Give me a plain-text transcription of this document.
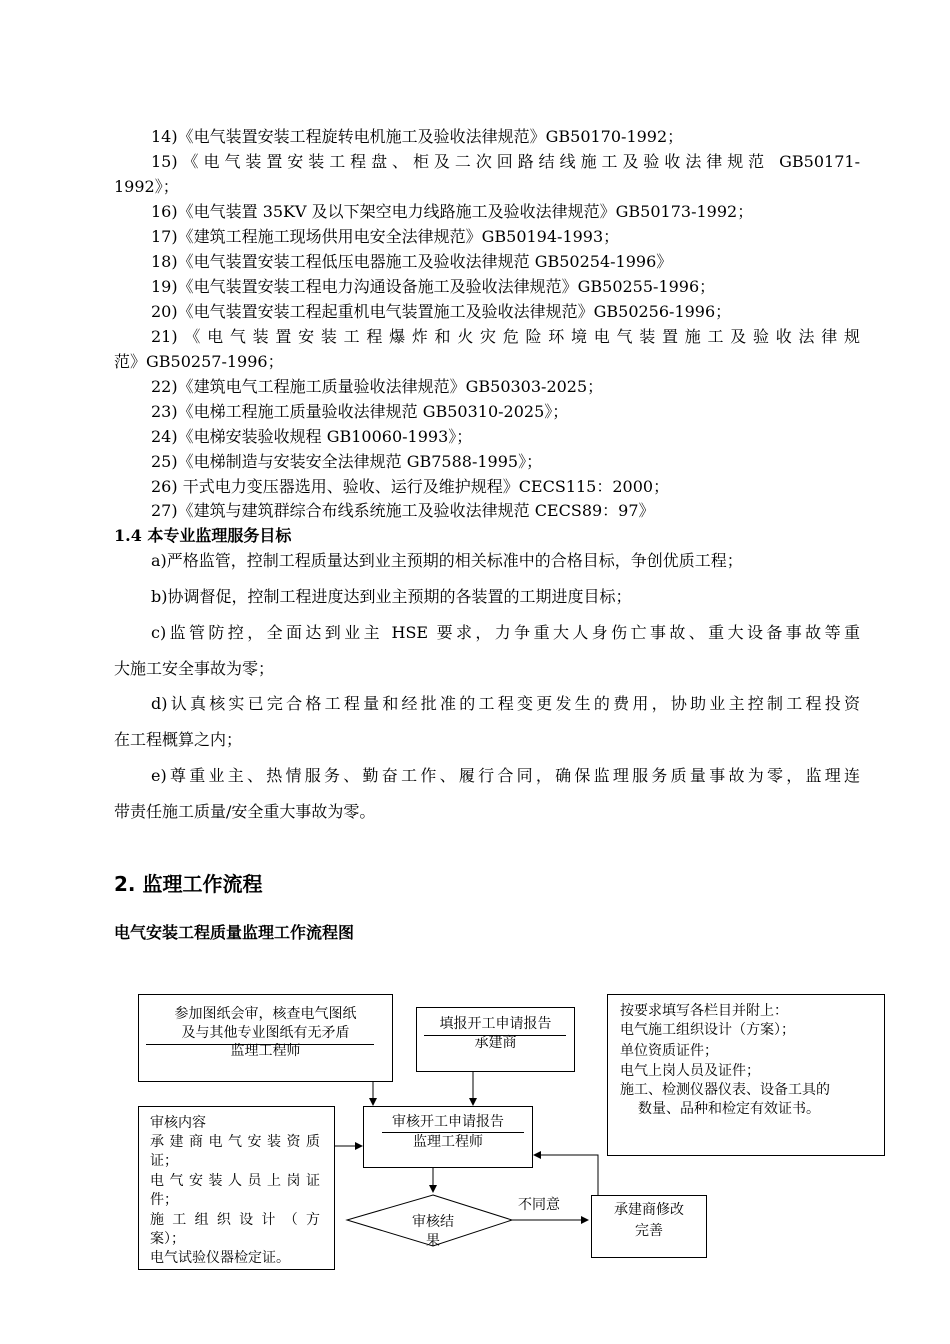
14)《电气装置安装工程旋转电机施工及验收法律规范》GB50170-1992；
15)《电气装置安装工程盘、柜及二次回路结线施工及验收法律规范 GB50171-
1992》；
16)《电气装置 35KV 及以下架空电力线路施工及验收法律规范》GB50173-1992；
17)《建筑工程施工现场供用电安全法律规范》GB50194-1993；
18)《电气装置安装工程低压电器施工及验收法律规范 GB50254-1996》
19)《电气装置安装工程电力沟通设备施工及验收法律规范》GB50255-1996；
20)《电气装置安装工程起重机电气装置施工及验收法律规范》GB50256-1996；
21)《电气装置安装工程爆炸和火灾危险环境电气装置施工及验收法律规
范》GB50257-1996；
22)《建筑电气工程施工质量验收法律规范》GB50303-2025；
23)《电梯工程施工质量验收法律规范 GB50310-2025》；
24)《电梯安装验收规程 GB10060-1993》；
25)《电梯制造与安装安全法律规范 GB7588-1995》；
26) 干式电力变压器选用、验收、运行及维护规程》CECS115：2000；
27)《建筑与建筑群综合布线系统施工及验收法律规范 CECS89：97》
1.4 本专业监理服务目标
a)严格监管，控制工程质量达到业主预期的相关标准中的合格目标，争创优质工程；
b)协调督促，控制工程进度达到业主预期的各装置的工期进度目标；
c)监管防控，全面达到业主 HSE 要求，力争重大人身伤亡事故、重大设备事故等重
大施工安全事故为零；
d)认真核实已完合格工程量和经批准的工程变更发生的费用，协助业主控制工程投资
在工程概算之内；
e)尊重业主、热情服务、勤奋工作、履行合同，确保监理服务质量事故为零，监理连
带责任施工质量/安全重大事故为零。
2. 监理工作流程
电气安装工程质量监理工作流程图
参加图纸会审，核查电气图纸
及与其他专业图纸有无矛盾
监理工程师
填报开工申请报告
承建商
按要求填写各栏目并附上：
电气施工组织设计（方案）；
单位资质证件；
电气上岗人员及证件；
施工、检测仪器仪表、设备工具的
数量、品种和检定有效证书。
审核内容
承建商电气安装资质
证；
电气安装人员上岗证
件；
施工组织设计（方
案）；
电气试验仪器检定证。
审核开工申请报告
监理工程师
审核结
果
不同意	承建商修改
完善
